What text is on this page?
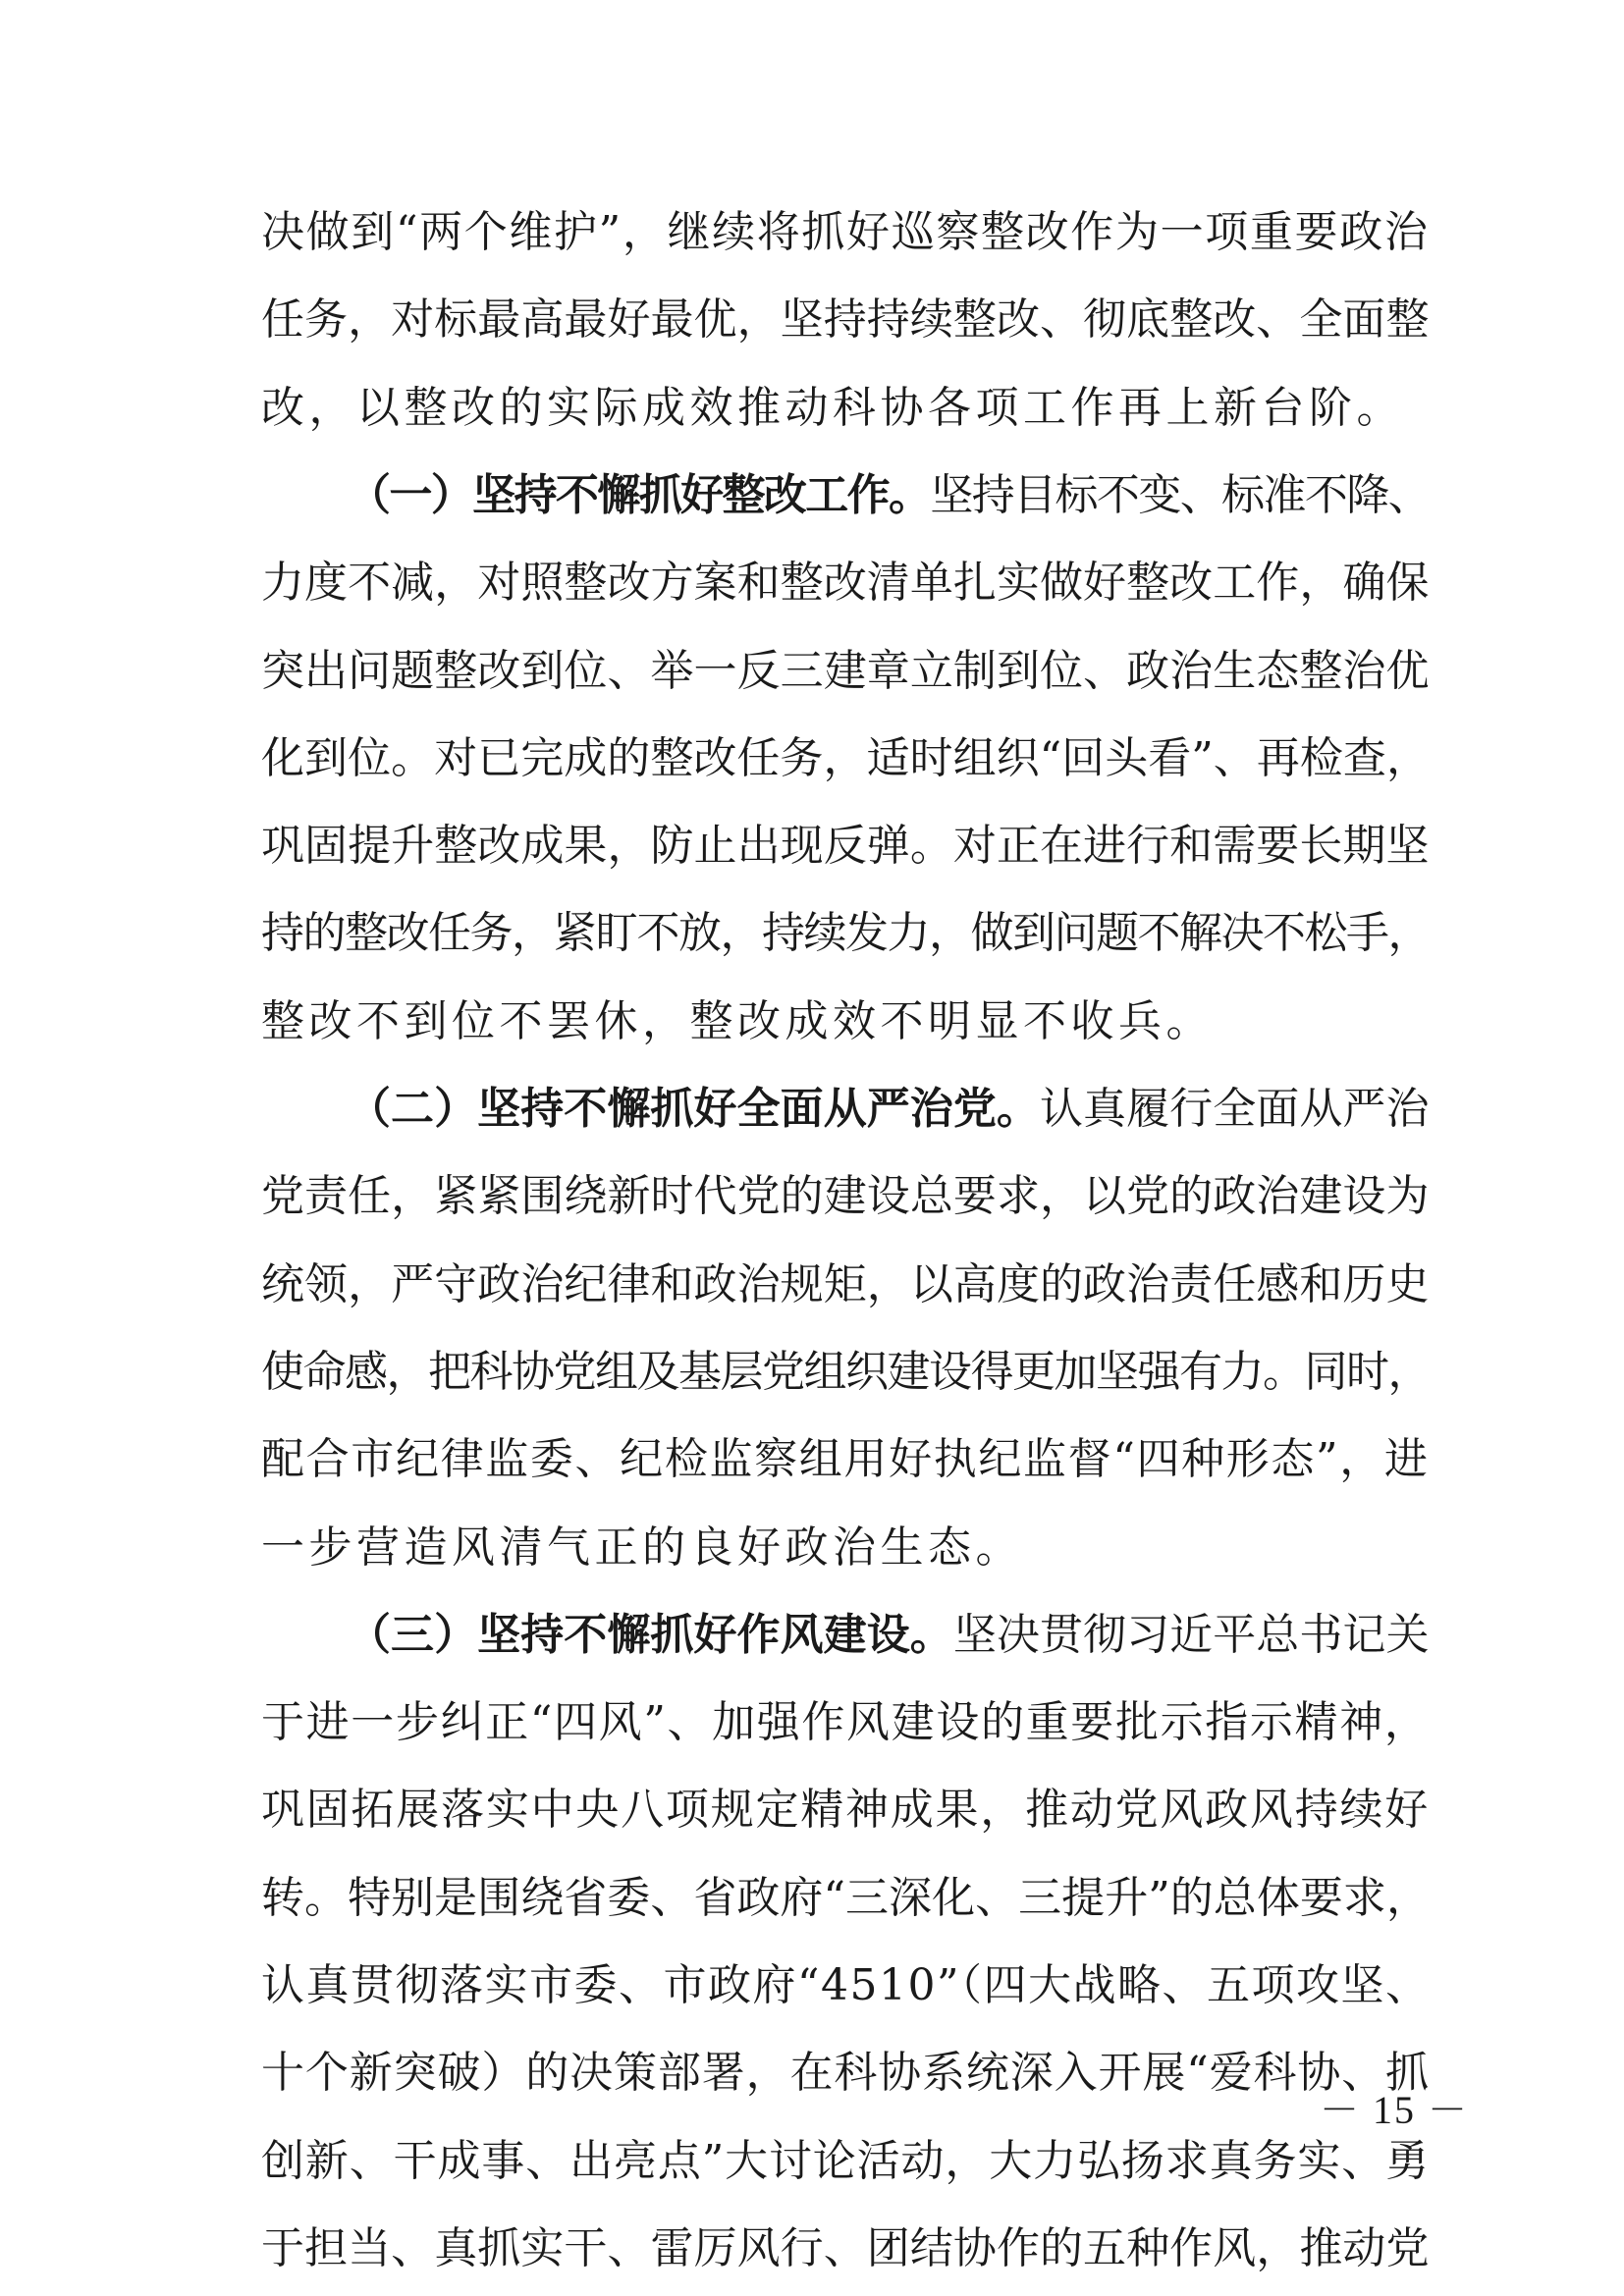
决做到“两个维护”，继续将抓好巡察整改作为一项重要政治
任务，对标最高最好最优，坚持持续整改、彻底整改、全面整
改，以整改的实际成效推动科协各项工作再上新台阶。
（一）坚持不懈抓好整改工作。坚持目标不变、标准不降、
力度不减，对照整改方案和整改清单扎实做好整改工作，确保
突出问题整改到位、举一反三建章立制到位、政治生态整治优
化到位。对已完成的整改任务，适时组织“回头看”、再检查，
巩固提升整改成果，防止出现反弹。对正在进行和需要长期坚
持的整改任务，紧盯不放，持续发力，做到问题不解决不松手，
整改不到位不罢休，整改成效不明显不收兵。
（二）坚持不懈抓好全面从严治党。认真履行全面从严治
党责任，紧紧围绕新时代党的建设总要求，以党的政治建设为
统领，严守政治纪律和政治规矩，以高度的政治责任感和历史
使命感，把科协党组及基层党组织建设得更加坚强有力。同时，
配合市纪律监委、纪检监察组用好执纪监督“四种形态”，进
一步营造风清气正的良好政治生态。
（三）坚持不懈抓好作风建设。坚决贯彻习近平总书记关
于进一步纠正“四风”、加强作风建设的重要批示指示精神，
巩固拓展落实中央八项规定精神成果，推动党风政风持续好
转。特别是围绕省委、省政府“三深化、三提升”的总体要求，
认真贯彻落实市委、市政府“4510”（四大战略、五项攻坚、
十个新突破）的决策部署，在科协系统深入开展“爱科协、抓
创新、干成事、出亮点”大讨论活动，大力弘扬求真务实、勇
于担当、真抓实干、雷厉风行、团结协作的五种作风，推动党
－ 15 －
